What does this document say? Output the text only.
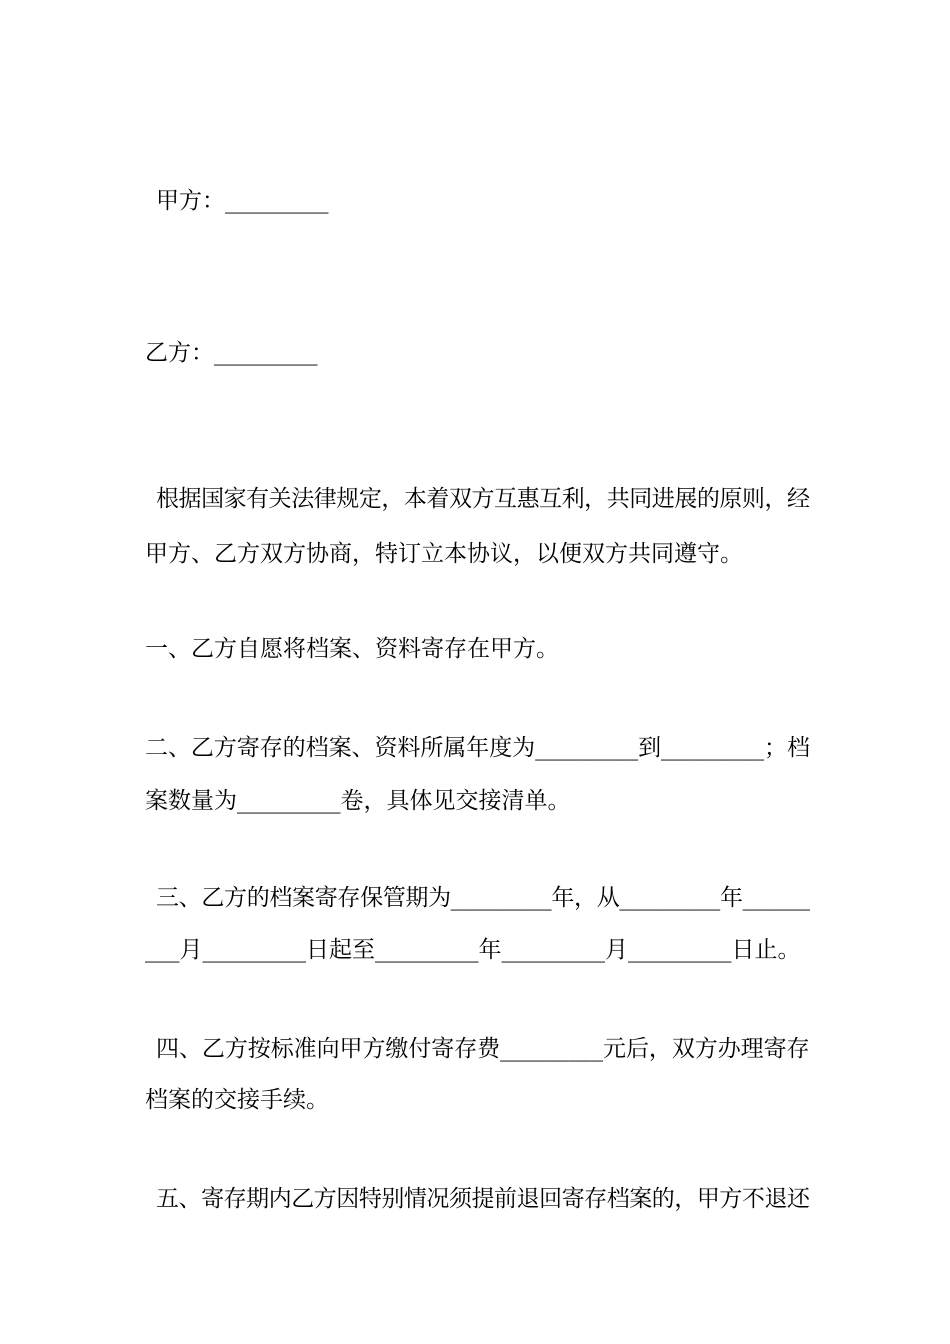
甲方：_________
乙方：_________
根据国家有关法律规定，本着双方互惠互利，共同进展的原则，经
甲方、乙方双方协商，特订立本协议，以便双方共同遵守。
一、乙方自愿将档案、资料寄存在甲方。
二、乙方寄存的档案、资料所属年度为_________到_________；档
案数量为_________卷，具体见交接清单。
三、乙方的档案寄存保管期为_________年，从_________年______
___月_________日起至_________年_________月_________日止。
四、乙方按标准向甲方缴付寄存费_________元后，双方办理寄存
档案的交接手续。
五、寄存期内乙方因特别情况须提前退回寄存档案的，甲方不退还
